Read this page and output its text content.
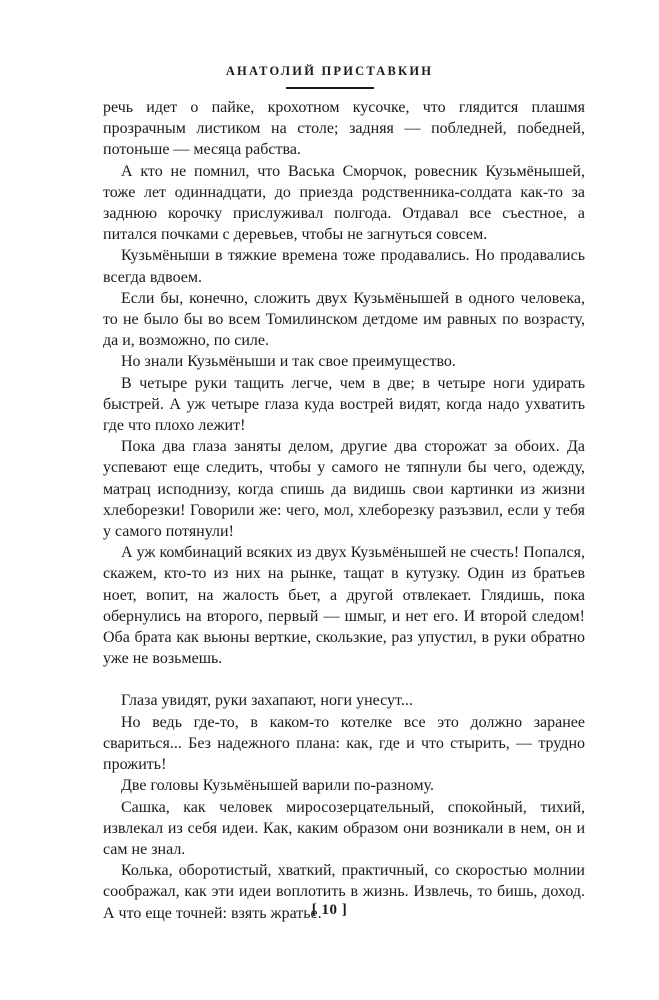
АНАТОЛИЙ ПРИСТАВКИН

речь идет о пайке, крохотном кусочке, что глядится плашмя прозрачным листиком на столе; задняя — побледней, победней, потоньше — месяца рабства.

А кто не помнил, что Васька Сморчок, ровесник Кузьмёнышей, тоже лет одиннадцати, до приезда родственника-солдата как-то за заднюю корочку прислуживал полгода. Отдавал все съестное, а питался почками с деревьев, чтобы не загнуться совсем.

Кузьмёныши в тяжкие времена тоже продавались. Но продавались всегда вдвоем.

Если бы, конечно, сложить двух Кузьмёнышей в одного человека, то не было бы во всем Томилинском детдоме им равных по возрасту, да и, возможно, по силе.

Но знали Кузьмёныши и так свое преимущество.

В четыре руки тащить легче, чем в две; в четыре ноги удирать быстрей. А уж четыре глаза куда вострей видят, когда надо ухватить где что плохо лежит!

Пока два глаза заняты делом, другие два сторожат за обоих. Да успевают еще следить, чтобы у самого не тяпнули бы чего, одежду, матрац исподнизу, когда спишь да видишь свои картинки из жизни хлеборезки! Говорили же: чего, мол, хлеборезку разъзвил, если у тебя у самого потянули!

А уж комбинаций всяких из двух Кузьмёнышей не счесть! Попался, скажем, кто-то из них на рынке, тащат в кутузку. Один из братьев ноет, вопит, на жалость бьет, а другой отвлекает. Глядишь, пока обернулись на второго, первый — шмыг, и нет его. И второй следом! Оба брата как вьюны верткие, скользкие, раз упустил, в руки обратно уже не возьмешь.

Глаза увидят, руки захапают, ноги унесут...

Но ведь где-то, в каком-то котелке все это должно заранее свариться... Без надежного плана: как, где и что стырить, — трудно прожить!

Две головы Кузьмёнышей варили по-разному.

Сашка, как человек миросозерцательный, спокойный, тихий, извлекал из себя идеи. Как, каким образом они возникали в нем, он и сам не знал.

Колька, оборотистый, хваткий, практичный, со скоростью молнии соображал, как эти идеи воплотить в жизнь. Извлечь, то бишь, доход. А что еще точней: взять жратье.

[ 10 ]
